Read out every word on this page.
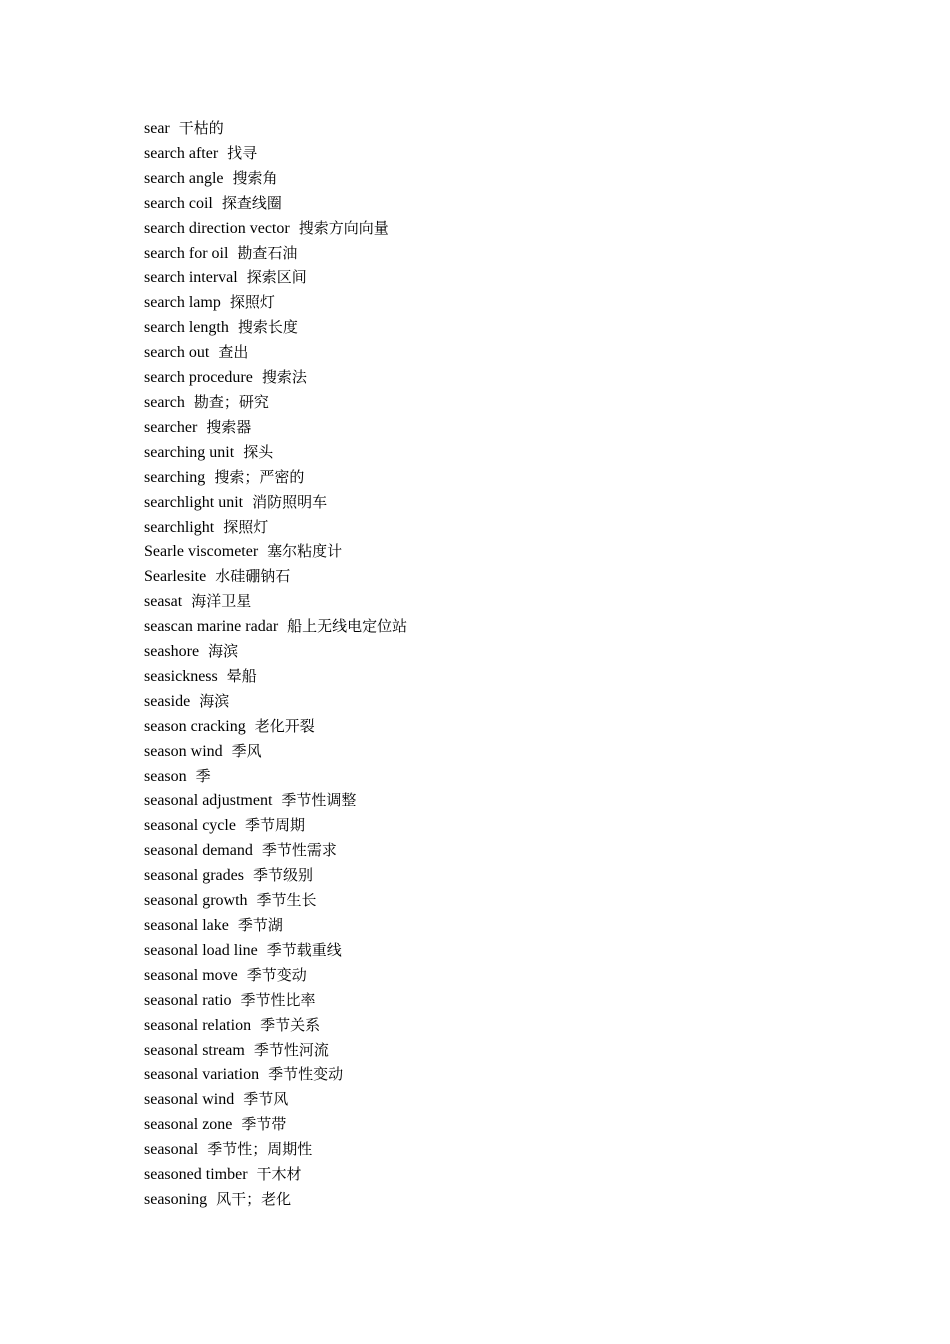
sear 干枯的
search after 找寻
search angle 搜索角
search coil 探查线圈
search direction vector 搜索方向向量
search for oil 勘查石油
search interval 探索区间
search lamp 探照灯
search length 搜索长度
search out 查出
search procedure 搜索法
search 勘查；研究
searcher 搜索器
searching unit 探头
searching 搜索；严密的
searchlight unit 消防照明车
searchlight 探照灯
Searle viscometer 塞尔粘度计
Searlesite 水硅硼钠石
seasat 海洋卫星
seascan marine radar 船上无线电定位站
seashore 海滨
seasickness 晕船
seaside 海滨
season cracking 老化开裂
season wind 季风
season 季
seasonal adjustment 季节性调整
seasonal cycle 季节周期
seasonal demand 季节性需求
seasonal grades 季节级别
seasonal growth 季节生长
seasonal lake 季节湖
seasonal load line 季节载重线
seasonal move 季节变动
seasonal ratio 季节性比率
seasonal relation 季节关系
seasonal stream 季节性河流
seasonal variation 季节性变动
seasonal wind 季节风
seasonal zone 季节带
seasonal 季节性；周期性
seasoned timber 干木材
seasoning 风干；老化
